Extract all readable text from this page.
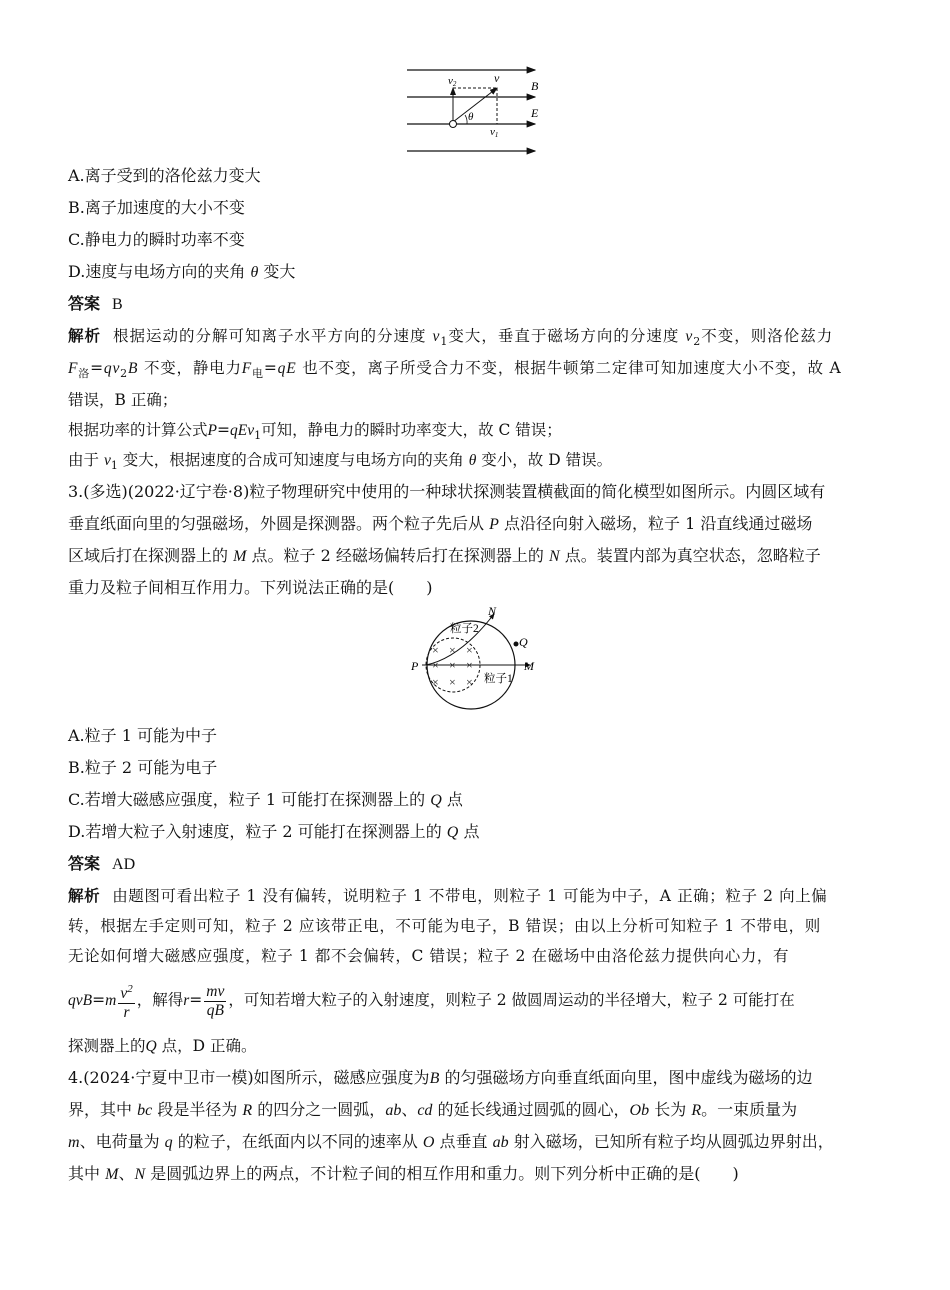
v2	v
B
E
θ
v1
A.离子受到的洛伦兹力变大
B.离子加速度的大小不变
C.静电力的瞬时功率不变
D.速度与电场方向的夹角 θ 变大
答案 B
解析 根据运动的分解可知离子水平方向的分速度 $v_1$变大，垂直于磁场方向的分速度 $v_2$不变，则洛伦兹力
$F_洛=qv_2B$ 不变，静电力$F_电=qE$ 也不变，离子所受合力不变，根据牛顿第二定律可知加速度大小不变，故 A
错误，B 正确；
根据功率的计算公式P=qEv$_1$可知，静电力的瞬时功率变大，故 C 错误；
由于 $v_1$ 变大，根据速度的合成可知速度与电场方向的夹角 θ 变小，故 D 错误。
3.(多选)(2022·辽宁卷·8)粒子物理研究中使用的一种球状探测装置横截面的简化模型如图所示。内圆区域有
垂直纸面向里的匀强磁场，外圆是探测器。两个粒子先后从 P 点沿径向射入磁场，粒子 1 沿直线通过磁场
区域后打在探测器上的 M 点。粒子 2 经磁场偏转后打在探测器上的 N 点。装置内部为真空状态，忽略粒子
重力及粒子间相互作用力。下列说法正确的是(　　)
× × ×
× × ×
× × ×
N
Q
P	M
粒子2
粒子1
A.粒子 1 可能为中子
B.粒子 2 可能为电子
C.若增大磁感应强度，粒子 1 可能打在探测器上的 Q 点
D.若增大粒子入射速度，粒子 2 可能打在探测器上的 Q 点
答案 AD
解析 由题图可看出粒子 1 没有偏转，说明粒子 1 不带电，则粒子 1 可能为中子，A 正确；粒子 2 向上偏
转，根据左手定则可知，粒子 2 应该带正电，不可能为电子，B 错误；由以上分析可知粒子 1 不带电，则
无论如何增大磁感应强度，粒子 1 都不会偏转，C 错误；粒子 2 在磁场中由洛伦兹力提供向心力，有
$qvB=m \frac{v^2}{r}$ ，解得$r= \frac{mv}{qB}$ ，可知若增大粒子的入射速度，则粒子 2 做圆周运动的半径增大，粒子 2 可能打在
探测器上的Q 点，D 正确。
4.(2024·宁夏中卫市一模)如图所示，磁感应强度为B 的匀强磁场方向垂直纸面向里，图中虚线为磁场的边
界，其中 bc 段是半径为 R 的四分之一圆弧，ab、cd 的延长线通过圆弧的圆心，Ob 长为 R。一束质量为
m、电荷量为 q 的粒子，在纸面内以不同的速率从 O 点垂直 ab 射入磁场，已知所有粒子均从圆弧边界射出，
其中 M、N 是圆弧边界上的两点，不计粒子间的相互作用和重力。则下列分析中正确的是(　　)
